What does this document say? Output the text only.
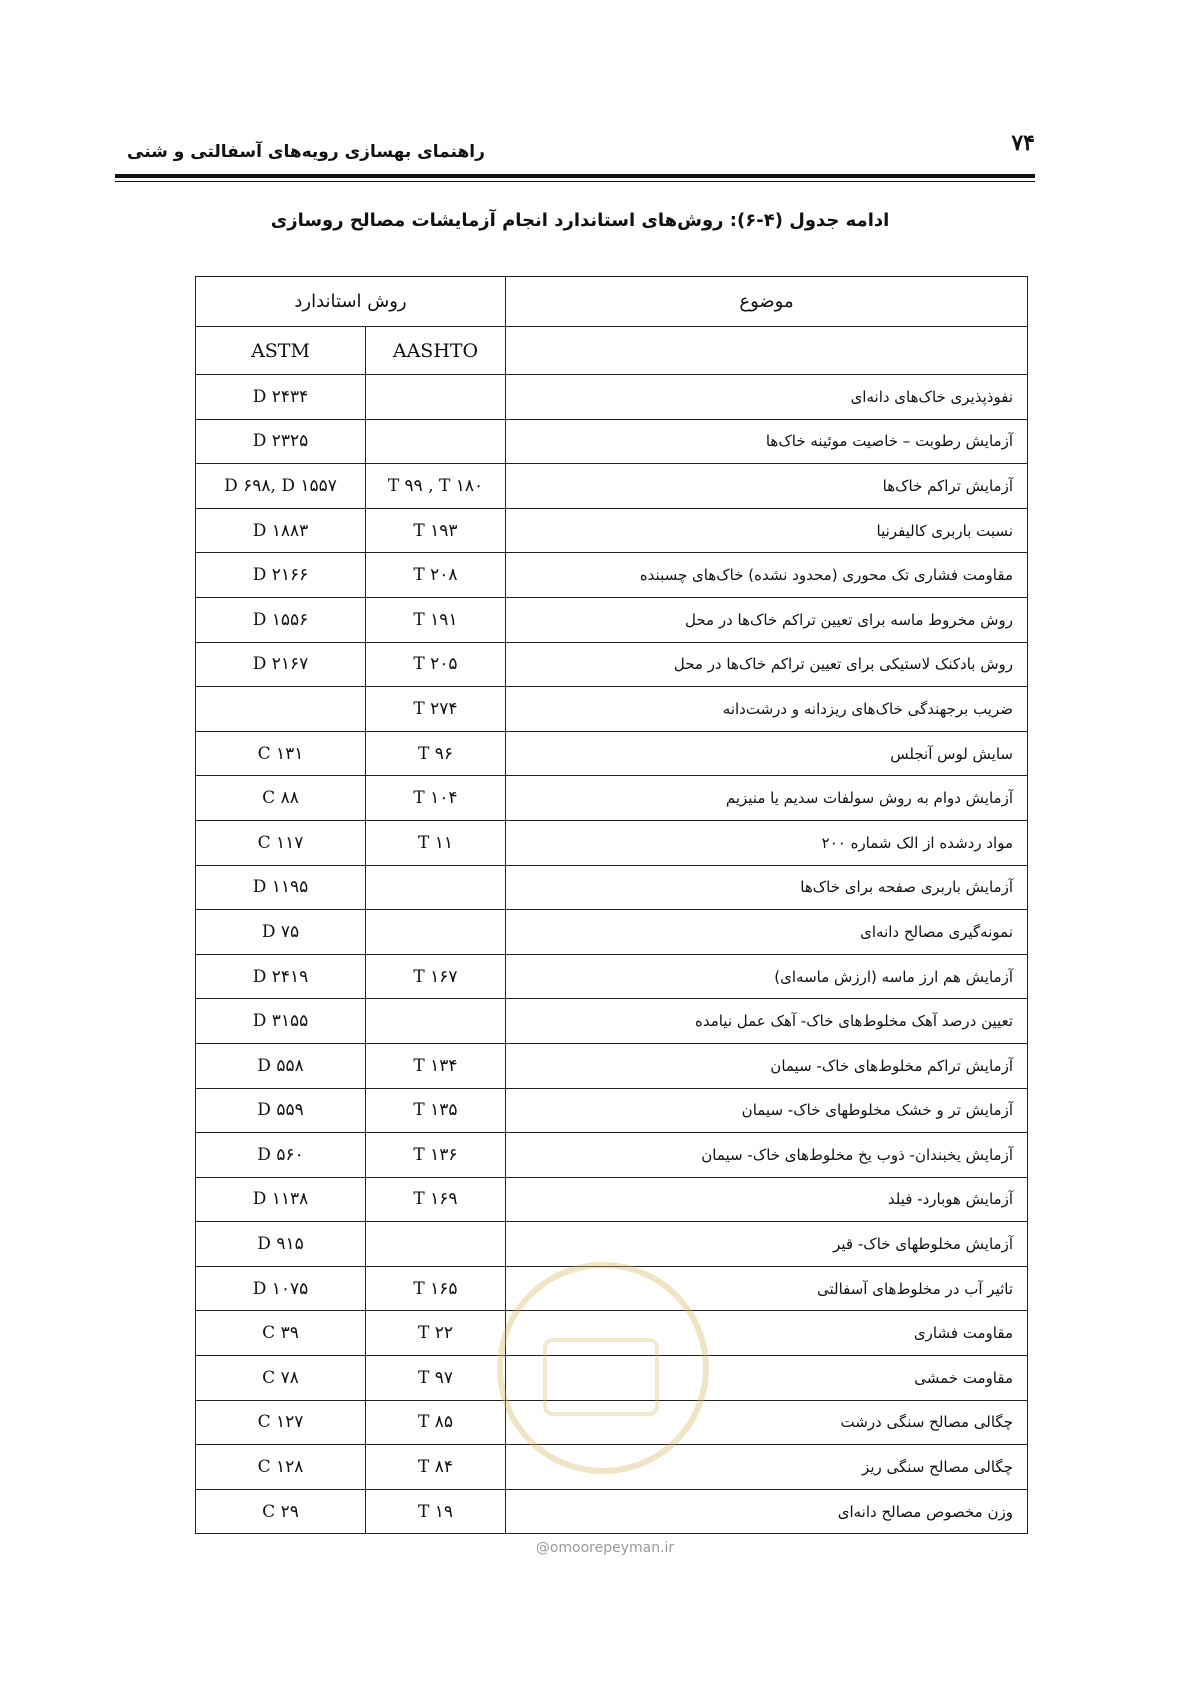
۷۴
راهنمای بهسازی رویه‌های آسفالتی و شنی
ادامه جدول (۴-۶): روش‌های استاندارد انجام آزمایشات مصالح روسازی
روش استاندارد		موضوع
ASTM	AASHTO	
D ۲۴۳۴		نفوذپذیری خاک‌های دانه‌ای
D ۲۳۲۵		آزمایش رطوبت – خاصیت موئینه خاک‌ها
D ۶۹۸, D ۱۵۵۷	T ۹۹ , T ۱۸۰	آزمایش تراکم خاک‌ها
D ۱۸۸۳	T ۱۹۳	نسبت باربری کالیفرنیا
D ۲۱۶۶	T ۲۰۸	مقاومت فشاری تک محوری (محدود نشده) خاک‌های چسبنده
D ۱۵۵۶	T ۱۹۱	روش مخروط ماسه برای تعیین تراکم خاک‌ها در محل
D ۲۱۶۷	T ۲۰۵	روش بادکنک لاستیکی برای تعیین تراکم خاک‌ها در محل
	T ۲۷۴	ضریب برجهندگی خاک‌های ریزدانه و درشت‌دانه
C ۱۳۱	T ۹۶	سایش لوس آنجلس
C ۸۸	T ۱۰۴	آزمایش دوام به روش سولفات سدیم یا منیزیم
C ۱۱۷	T ۱۱	مواد ردشده از الک شماره ۲۰۰
D ۱۱۹۵		آزمایش باربری صفحه برای خاک‌ها
D ۷۵		نمونه‌گیری مصالح دانه‌ای
D ۲۴۱۹	T ۱۶۷	آزمایش هم ارز ماسه (ارزش ماسه‌ای)
D ۳۱۵۵		تعیین درصد آهک مخلوط‌های خاک- آهک عمل نیامده
D ۵۵۸	T ۱۳۴	آزمایش تراکم مخلوط‌های خاک- سیمان
D ۵۵۹	T ۱۳۵	آزمایش تر و خشک مخلوطهای خاک- سیمان
D ۵۶۰	T ۱۳۶	آزمایش یخبندان- ذوب یخ مخلوط‌های خاک- سیمان
D ۱۱۳۸	T ۱۶۹	آزمایش هوبارد- فیلد
D ۹۱۵		آزمایش مخلوطهای خاک- قیر
D ۱۰۷۵	T ۱۶۵	تاثیر آب در مخلوط‌های آسفالتی
C ۳۹	T ۲۲	مقاومت فشاری
C ۷۸	T ۹۷	مقاومت خمشی
C ۱۲۷	T ۸۵	چگالی مصالح سنگی درشت
C ۱۲۸	T ۸۴	چگالی مصالح سنگی ریز
C ۲۹	T ۱۹	وزن مخصوص مصالح دانه‌ای
@omoorepeyman.ir
